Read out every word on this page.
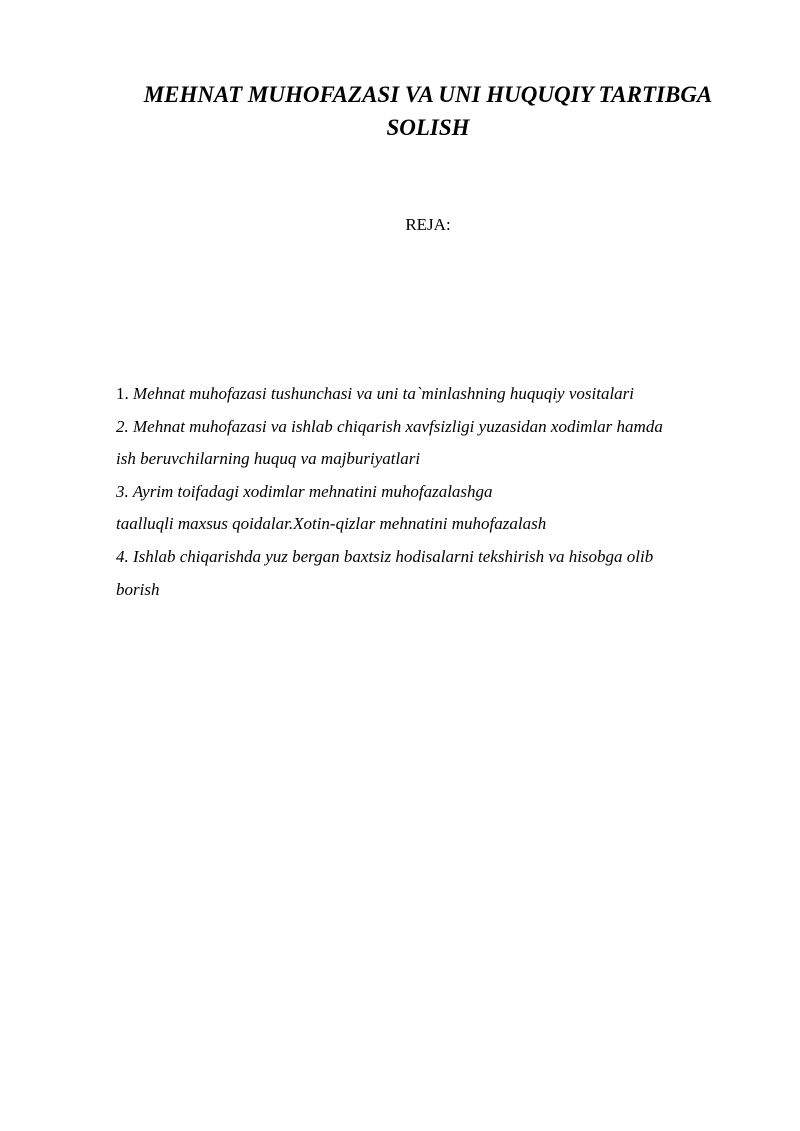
MEHNAT MUHOFAZASI VA UNI HUQUQIY TARTIBGA
SOLISH

REJA:

1. Mehnat muhofazasi tushunchasi va uni ta`minlashning huquqiy vositalari
2. Mehnat muhofazasi va ishlab chiqarish xavfsizligi yuzasidan xodimlar hamda
ish beruvchilarning huquq va majburiyatlari
3. Ayrim toifadagi xodimlar mehnatini muhofazalashga
taalluqli maxsus qoidalar.Xotin-qizlar mehnatini muhofazalash
4. Ishlab chiqarishda yuz bergan baxtsiz hodisalarni tekshirish va hisobga olib
borish
